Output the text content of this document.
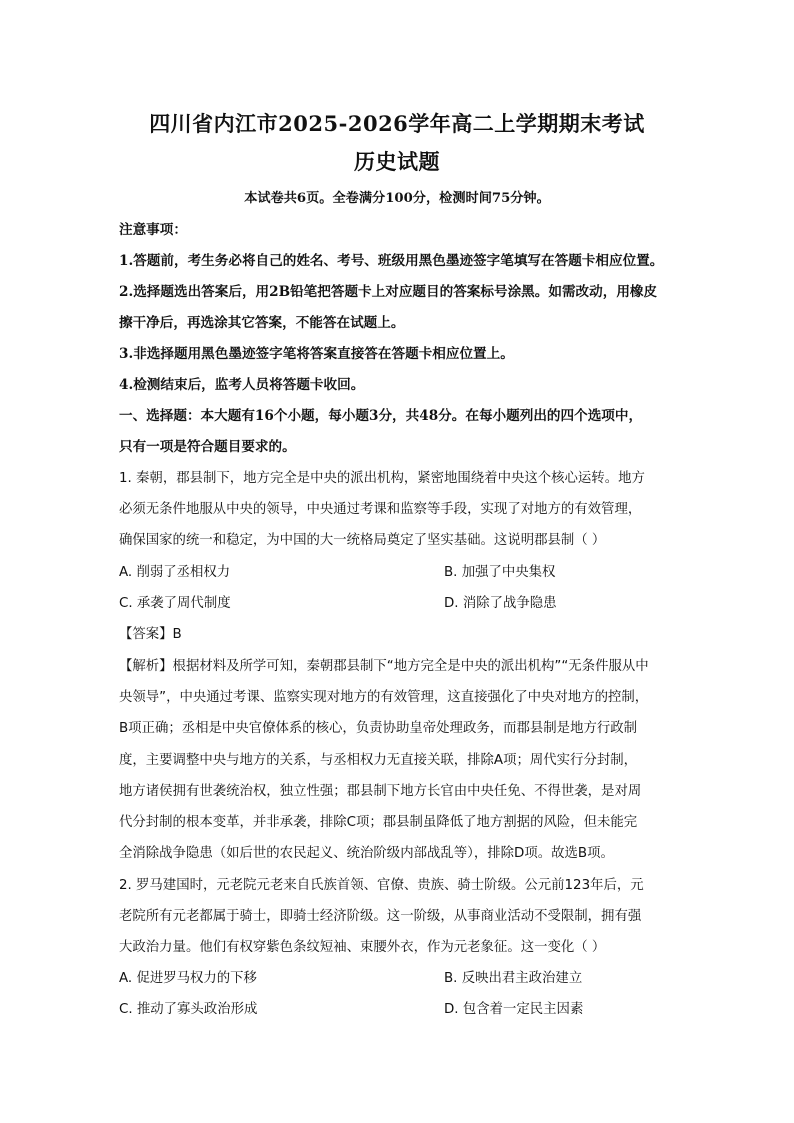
四川省内江市2025-2026学年高二上学期期末考试
历史试题
本试卷共6页。全卷满分100分，检测时间75分钟。
注意事项：
1.答题前，考生务必将自己的姓名、考号、班级用黑色墨迹签字笔填写在答题卡相应位置。
2.选择题选出答案后，用2B铅笔把答题卡上对应题目的答案标号涂黑。如需改动，用橡皮
擦干净后，再选涂其它答案，不能答在试题上。
3.非选择题用黑色墨迹签字笔将答案直接答在答题卡相应位置上。
4.检测结束后，监考人员将答题卡收回。
一、选择题：本大题有16个小题，每小题3分，共48分。在每小题列出的四个选项中，
只有一项是符合题目要求的。
1. 秦朝，郡县制下，地方完全是中央的派出机构，紧密地围绕着中央这个核心运转。地方
必须无条件地服从中央的领导，中央通过考课和监察等手段，实现了对地方的有效管理，
确保国家的统一和稳定，为中国的大一统格局奠定了坚实基础。这说明郡县制（ ）
A. 削弱了丞相权力	B. 加强了中央集权
C. 承袭了周代制度	D. 消除了战争隐患
【答案】B
【解析】根据材料及所学可知，秦朝郡县制下“地方完全是中央的派出机构”“无条件服从中
央领导”，中央通过考课、监察实现对地方的有效管理，这直接强化了中央对地方的控制，
B项正确；丞相是中央官僚体系的核心，负责协助皇帝处理政务，而郡县制是地方行政制
度，主要调整中央与地方的关系，与丞相权力无直接关联，排除A项；周代实行分封制，
地方诸侯拥有世袭统治权，独立性强；郡县制下地方长官由中央任免、不得世袭，是对周
代分封制的根本变革，并非承袭，排除C项；郡县制虽降低了地方割据的风险，但未能完
全消除战争隐患（如后世的农民起义、统治阶级内部战乱等），排除D项。故选B项。
2. 罗马建国时，元老院元老来自氏族首领、官僚、贵族、骑士阶级。公元前123年后，元
老院所有元老都属于骑士，即骑士经济阶级。这一阶级，从事商业活动不受限制，拥有强
大政治力量。他们有权穿紫色条纹短袖、束腰外衣，作为元老象征。这一变化（ ）
A. 促进罗马权力的下移	B. 反映出君主政治建立
C. 推动了寡头政治形成	D. 包含着一定民主因素
